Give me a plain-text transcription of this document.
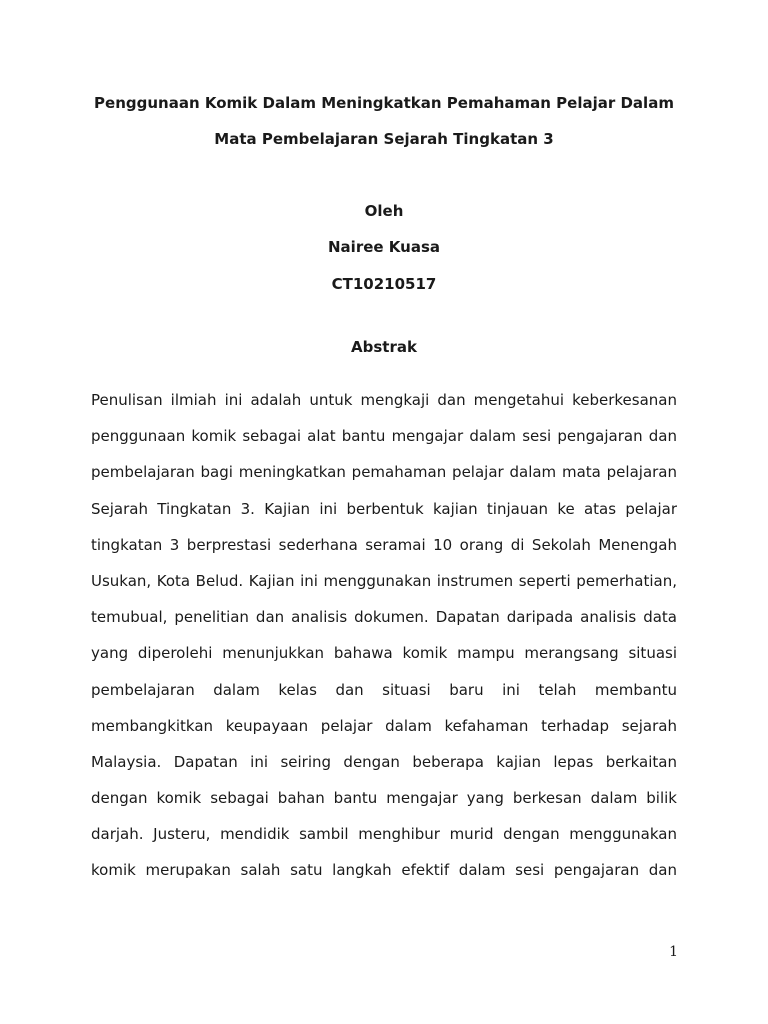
Penggunaan Komik Dalam Meningkatkan Pemahaman Pelajar Dalam
Mata Pembelajaran Sejarah Tingkatan 3
Oleh
Nairee Kuasa
CT10210517
Abstrak
Penulisan ilmiah ini adalah untuk mengkaji dan mengetahui keberkesanan
penggunaan komik sebagai alat bantu mengajar dalam sesi pengajaran dan
pembelajaran bagi meningkatkan pemahaman pelajar dalam mata pelajaran
Sejarah Tingkatan 3. Kajian ini berbentuk kajian tinjauan ke atas pelajar
tingkatan 3 berprestasi sederhana seramai 10 orang di Sekolah Menengah
Usukan, Kota Belud. Kajian ini menggunakan instrumen seperti pemerhatian,
temubual, penelitian dan analisis dokumen. Dapatan daripada analisis data
yang diperolehi menunjukkan bahawa komik mampu merangsang situasi
pembelajaran dalam kelas dan situasi baru ini telah membantu
membangkitkan keupayaan pelajar dalam kefahaman terhadap sejarah
Malaysia. Dapatan ini seiring dengan beberapa kajian lepas berkaitan
dengan komik sebagai bahan bantu mengajar yang berkesan dalam bilik
darjah. Justeru, mendidik sambil menghibur murid dengan menggunakan
komik merupakan salah satu langkah efektif dalam sesi pengajaran dan
1
